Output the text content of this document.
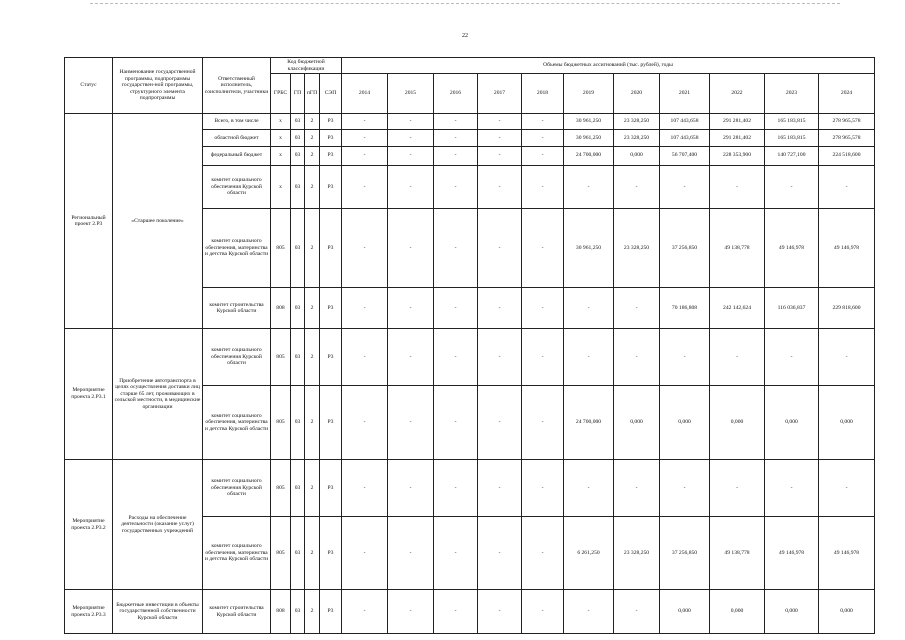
22
Статус	Наименование государственной программы, подпрограммы государствен-ной программы, структурного элемента подпрограммы	Ответственный исполнитель, соисполнители, участники	Код бюджетной классификации				Объемы бюджетных ассигнований (тыс. рублей), годы										
			ГРБС	ГП	пГП	СЭП	2014	2015	2016	2017	2018	2019	2020	2021	2022	2023	2024
Региональный проект 2.P3	«Старшее поколение»	Всего, в том числе	x	03	2	P3	-	-	-	-	-	30 961,250	23 328,250	107 443,658	291 281,402	165 183,815	278 965,578
		областной бюджет	x	03	2	P3	-	-	-	-	-	30 961,250	23 328,250	107 443,658	291 281,402	165 183,815	278 965,578
		федеральный бюджет	x	03	2	P3	-	-	-	-	-	24 700,000	0,000	56 707,400	228 353,900	140 727,100	224 518,600
		комитет социального обеспечения Курской области	x	03	2	P3	-	-	-	-	-	-	-	-	-	-	-
		комитет социального обеспечения, материнства и детства Курской области	805	03	2	P3	-	-	-	-	-	30 961,250	23 328,250	37 256,850	49 138,778	49 146,978	49 146,978
		комитет строительства Курской области	808	03	2	P3	-	-	-	-	-	-	-	70 186,808	242 142,624	116 036,837	229 818,600
Мероприятие проекта 2.P3.1	Приобретение автотранспорта в целях осуществления доставки лиц старше 65 лет, проживающих в сельской местности, в медицинские организации	комитет социального обеспечения Курской области	805	03	2	P3	-	-	-	-	-	-	-	-	-	-	-
		комитет социального обеспечения, материнства и детства Курской области	805	03	2	P3	-	-	-	-	-	24 700,000	0,000	0,000	0,000	0,000	0,000
Мероприятие проекта 2.P3.2	Расходы на обеспечение деятельности (оказание услуг) государственных учреждений	комитет социального обеспечения Курской области	805	03	2	P3	-	-	-	-	-	-	-	-	-	-	-
		комитет социального обеспечения, материнства и детства Курской области	805	03	2	P3	-	-	-	-	-	6 261,250	23 328,250	37 256,850	49 138,778	49 146,978	49 146,978
Мероприятие проекта 2.P3.3	Бюджетные инвестиции в объекты государственной собственности Курской области	комитет строительства Курской области	808	03	2	P3	-	-	-	-	-	-	-	0,000	0,000	0,000	0,000
